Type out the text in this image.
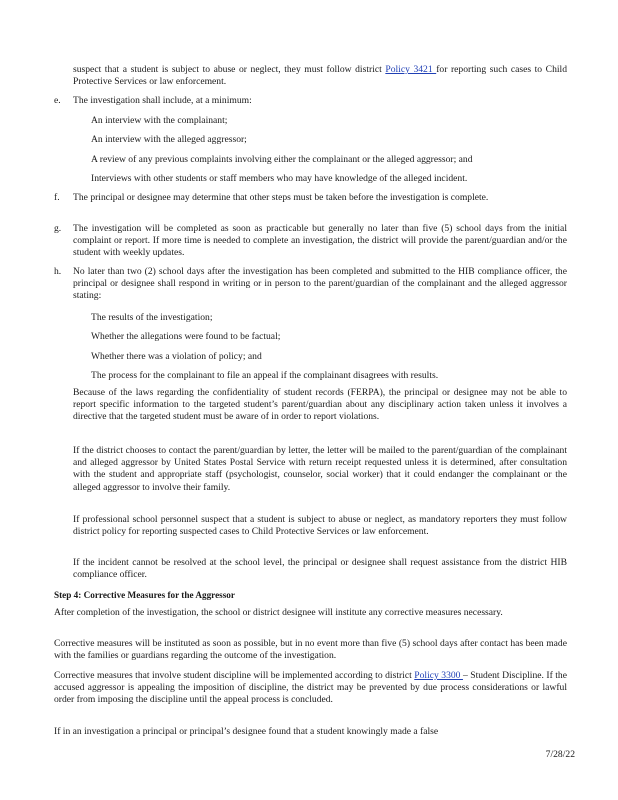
suspect that a student is subject to abuse or neglect, they must follow district Policy 3421 for reporting such cases to Child Protective Services or law enforcement.

e. The investigation shall include, at a minimum:

An interview with the complainant;
An interview with the alleged aggressor;
A review of any previous complaints involving either the complainant or the alleged aggressor; and
Interviews with other students or staff members who may have knowledge of the alleged incident.
f. The principal or designee may determine that other steps must be taken before the investigation is complete.

g. The investigation will be completed as soon as practicable but generally no later than five (5) school days from the initial complaint or report. If more time is needed to complete an investigation, the district will provide the parent/guardian and/or the student with weekly updates.

h. No later than two (2) school days after the investigation has been completed and submitted to the HIB compliance officer, the principal or designee shall respond in writing or in person to the parent/guardian of the complainant and the alleged aggressor stating:

The results of the investigation;
Whether the allegations were found to be factual;
Whether there was a violation of policy; and
The process for the complainant to file an appeal if the complainant disagrees with results.

Because of the laws regarding the confidentiality of student records (FERPA), the principal or designee may not be able to report specific information to the targeted student’s parent/guardian about any disciplinary action taken unless it involves a directive that the targeted student must be aware of in order to report violations.

If the district chooses to contact the parent/guardian by letter, the letter will be mailed to the parent/guardian of the complainant and alleged aggressor by United States Postal Service with return receipt requested unless it is determined, after consultation with the student and appropriate staff (psychologist, counselor, social worker) that it could endanger the complainant or the alleged aggressor to involve their family.

If professional school personnel suspect that a student is subject to abuse or neglect, as mandatory reporters they must follow district policy for reporting suspected cases to Child Protective Services or law enforcement.

If the incident cannot be resolved at the school level, the principal or designee shall request assistance from the district HIB compliance officer.

Step 4: Corrective Measures for the Aggressor

After completion of the investigation, the school or district designee will institute any corrective measures necessary.

Corrective measures will be instituted as soon as possible, but in no event more than five (5) school days after contact has been made with the families or guardians regarding the outcome of the investigation.

Corrective measures that involve student discipline will be implemented according to district Policy 3300 – Student Discipline. If the accused aggressor is appealing the imposition of discipline, the district may be prevented by due process considerations or lawful order from imposing the discipline until the appeal process is concluded.

If in an investigation a principal or principal’s designee found that a student knowingly made a false

7/28/22
